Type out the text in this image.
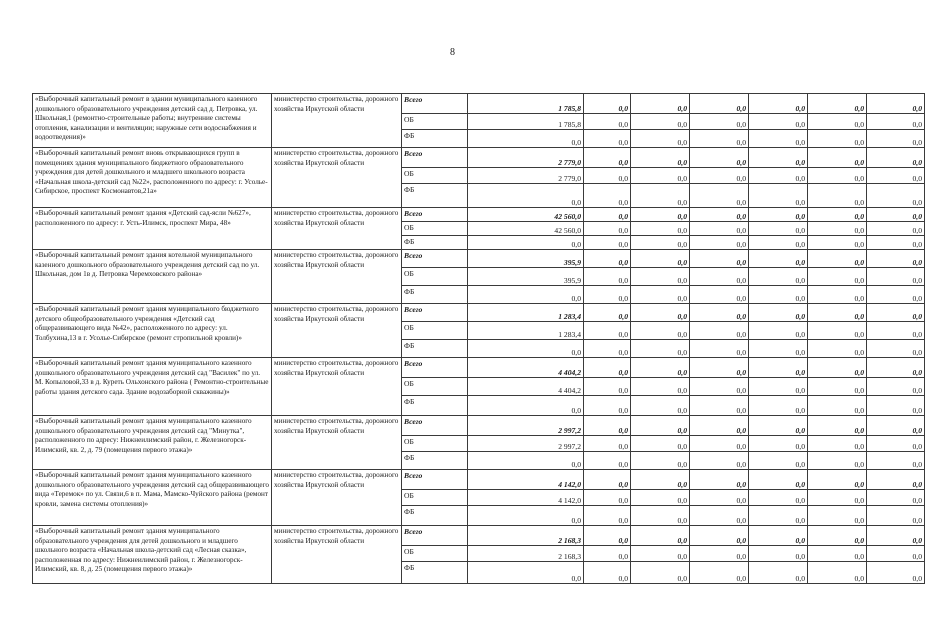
8
«Выборочный капитальный ремонт в здании муниципального казенного дошкольного образовательного учреждения детский сад д. Петровка, ул. Школьная,1 (ремонтно-строительные работы; внутренние системы отопления, канализации и вентиляции; наружные сети водоснабжения и водоотведения)»	министерство строительства, дорожного хозяйства Иркутской области	Всего	1 785,8	0,0	0,0	0,0	0,0	0,0	0,0
		ОБ	1 785,8	0,0	0,0	0,0	0,0	0,0	0,0
		ФБ	0,0	0,0	0,0	0,0	0,0	0,0	0,0
«Выборочный капитальный ремонт вновь открывающихся групп в помещениях здания муниципального бюджетного образовательного учреждения для детей дошкольного и младшего школьного возраста «Начальная школа-детский сад №22», расположенного по адресу: г. Усолье-Сибирское, проспект Космонавтов,21а»	министерство строительства, дорожного хозяйства Иркутской области	Всего	2 779,0	0,0	0,0	0,0	0,0	0,0	0,0
		ОБ	2 779,0	0,0	0,0	0,0	0,0	0,0	0,0
		ФБ	0,0	0,0	0,0	0,0	0,0	0,0	0,0
«Выборочный капитальный ремонт здания «Детский сад-ясли №627», расположенного по адресу: г. Усть-Илимск, проспект Мира, 48»	министерство строительства, дорожного хозяйства Иркутской области	Всего	42 560,0	0,0	0,0	0,0	0,0	0,0	0,0
		ОБ	42 560,0	0,0	0,0	0,0	0,0	0,0	0,0
		ФБ	0,0	0,0	0,0	0,0	0,0	0,0	0,0
«Выборочный капитальный ремонт здания котельной муниципального казенного дошкольного образовательного учреждения детский сад по ул. Школьная, дом 1в д. Петровка Черемховского района»	министерство строительства, дорожного хозяйства Иркутской области	Всего	395,9	0,0	0,0	0,0	0,0	0,0	0,0
		ОБ	395,9	0,0	0,0	0,0	0,0	0,0	0,0
		ФБ	0,0	0,0	0,0	0,0	0,0	0,0	0,0
«Выборочный капитальный ремонт здания муниципального бюджетного детского общеобразовательного учреждения «Детский сад общеразвивающего вида №42», расположенного по адресу: ул. Толбухина,13 в г. Усолье-Сибирское (ремонт стропильной кровли)»	министерство строительства, дорожного хозяйства Иркутской области	Всего	1 283,4	0,0	0,0	0,0	0,0	0,0	0,0
		ОБ	1 283,4	0,0	0,0	0,0	0,0	0,0	0,0
		ФБ	0,0	0,0	0,0	0,0	0,0	0,0	0,0
«Выборочный капитальный ремонт здания муниципального казенного дошкольного образовательного учреждения детский сад "Василек" по ул. М. Копыловой,33 в д. Куреть Ольхонского района ( Ремонтно-строительные работы здания детского сада. Здание водозаборной скважины)»	министерство строительства, дорожного хозяйства Иркутской области	Всего	4 404,2	0,0	0,0	0,0	0,0	0,0	0,0
		ОБ	4 404,2	0,0	0,0	0,0	0,0	0,0	0,0
		ФБ	0,0	0,0	0,0	0,0	0,0	0,0	0,0
«Выборочный капитальный ремонт здания муниципального казенного дошкольного образовательного учреждения детский сад "Минутка", расположенного по адресу: Нижнеилимский район, г. Железногорск-Илимский, кв. 2, д. 79 (помещения первого этажа)»	министерство строительства, дорожного хозяйства Иркутской области	Всего	2 997,2	0,0	0,0	0,0	0,0	0,0	0,0
		ОБ	2 997,2	0,0	0,0	0,0	0,0	0,0	0,0
		ФБ	0,0	0,0	0,0	0,0	0,0	0,0	0,0
«Выборочный капитальный ремонт здания муниципального казенного дошкольного образовательного учреждения детский сад общеразвивающего вида «Теремок» по ул. Связи,6 в п. Мама, Мамско-Чуйского района (ремонт кровли, замена системы отопления)»	министерство строительства, дорожного хозяйства Иркутской области	Всего	4 142,0	0,0	0,0	0,0	0,0	0,0	0,0
		ОБ	4 142,0	0,0	0,0	0,0	0,0	0,0	0,0
		ФБ	0,0	0,0	0,0	0,0	0,0	0,0	0,0
«Выборочный капитальный ремонт здания муниципального образовательного учреждения для детей дошкольного и младшего школьного возраста «Начальная школа-детский сад «Лесная сказка», расположенная по адресу: Нижнеилимский район, г. Железногорск-Илимский, кв. 8, д. 25 (помещения первого этажа)»	министерство строительства, дорожного хозяйства Иркутской области	Всего	2 168,3	0,0	0,0	0,0	0,0	0,0	0,0
		ОБ	2 168,3	0,0	0,0	0,0	0,0	0,0	0,0
		ФБ	0,0	0,0	0,0	0,0	0,0	0,0	0,0
